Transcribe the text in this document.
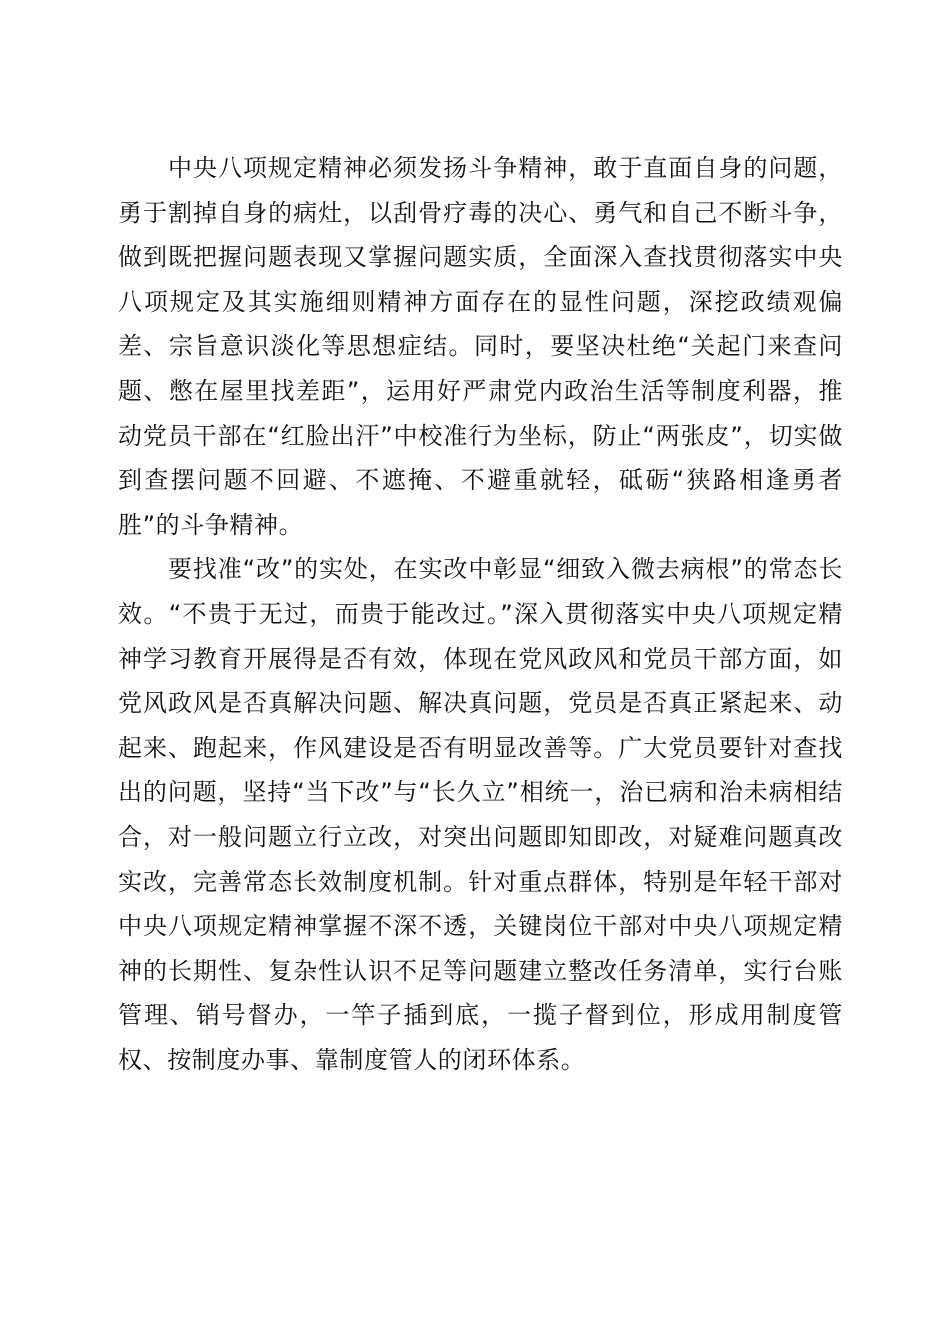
中央八项规定精神必须发扬斗争精神，敢于直面自身的问题，勇于割掉自身的病灶，以刮骨疗毒的决心、勇气和自己不断斗争，做到既把握问题表现又掌握问题实质，全面深入查找贯彻落实中央八项规定及其实施细则精神方面存在的显性问题，深挖政绩观偏差、宗旨意识淡化等思想症结。同时，要坚决杜绝“关起门来查问题、憋在屋里找差距”，运用好严肃党内政治生活等制度利器，推动党员干部在“红脸出汗”中校准行为坐标，防止“两张皮”，切实做到查摆问题不回避、不遮掩、不避重就轻，砥砺“狭路相逢勇者胜”的斗争精神。

要找准“改”的实处，在实改中彰显“细致入微去病根”的常态长效。“不贵于无过，而贵于能改过。”深入贯彻落实中央八项规定精神学习教育开展得是否有效，体现在党风政风和党员干部方面，如党风政风是否真解决问题、解决真问题，党员是否真正紧起来、动起来、跑起来，作风建设是否有明显改善等。广大党员要针对查找出的问题，坚持“当下改”与“长久立”相统一，治已病和治未病相结合，对一般问题立行立改，对突出问题即知即改，对疑难问题真改实改，完善常态长效制度机制。针对重点群体，特别是年轻干部对中央八项规定精神掌握不深不透，关键岗位干部对中央八项规定精神的长期性、复杂性认识不足等问题建立整改任务清单，实行台账管理、销号督办，一竿子插到底，一揽子督到位，形成用制度管权、按制度办事、靠制度管人的闭环体系。
